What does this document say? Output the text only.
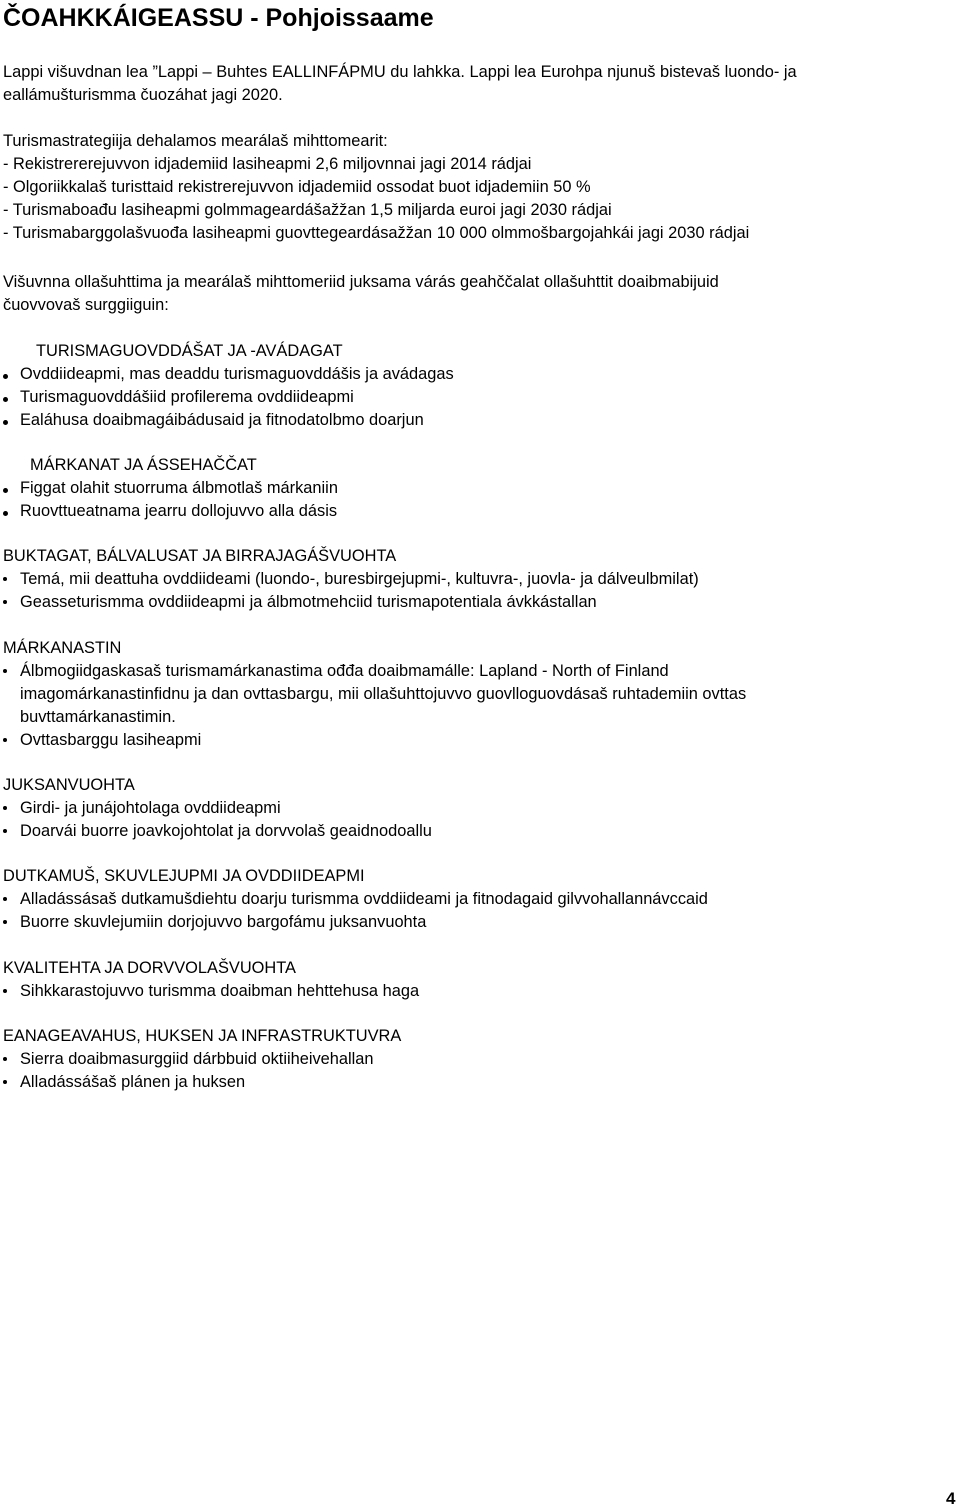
ČOAHKKÁIGEASSU - Pohjoissaame

Lappi višuvdnan lea ”Lappi – Buhtes EALLINFÁPMU du lahkka. Lappi lea Eurohpa njunuš bistevaš luondo- ja
eallámušturismma čuozáhat jagi 2020.

Turismastrategiija dehalamos mearálaš mihttomearit:
- Rekistrererejuvvon idjademiid lasiheapmi 2,6 miljovnnai jagi 2014 rádjai
- Olgoriikkalaš turisttaid rekistrerejuvvon idjademiid ossodat buot idjademiin 50 %
- Turismaboađu lasiheapmi golmmageardášažžan 1,5 miljarda euroi jagi 2030 rádjai
- Turismabarggolašvuođa lasiheapmi guovttegeardásažžan 10 000 olmmošbargojahkái jagi 2030 rádjai

Višuvnna ollašuhttima ja mearálaš mihttomeriid juksama várás geahččalat ollašuhttit doaibmabijuid
čuovvovaš surggiiguin:

TURISMAGUOVDDÁŠAT JA -AVÁDAGAT
Ovddiideapmi, mas deaddu turismaguovddášis ja avádagas
Turismaguovddášiid profilerema ovddiideapmi
Ealáhusa doaibmagáibádusaid ja fitnodatolbmo doarjun
MÁRKANAT JA ÁSSEHAČČAT
Figgat olahit stuorruma álbmotlaš márkaniin
Ruovttueatnama jearru dollojuvvo alla dásis
BUKTAGAT, BÁLVALUSAT JA BIRRAJAGÁŠVUOHTA
Temá, mii deattuha ovddiideami (luondo-, buresbirgejupmi-, kultuvra-, juovla- ja dálveulbmilat)
Geasseturismma ovddiideapmi ja álbmotmehciid turismapotentiala ávkkástallan
MÁRKANASTIN
Álbmogiidgaskasaš turismamárkanastima ođđa doaibmamálle: Lapland - North of Finland
imagomárkanastinfidnu ja dan ovttasbargu, mii ollašuhttojuvvo guovlloguovdásaš ruhtademiin ovttas
buvttamárkanastimin.
Ovttasbarggu lasiheapmi
JUKSANVUOHTA
Girdi- ja junájohtolaga ovddiideapmi
Doarvái buorre joavkojohtolat ja dorvvolaš geaidnodoallu
DUTKAMUŠ, SKUVLEJUPMI JA OVDDIIDEAPMI
Alladássásaš dutkamušdiehtu doarju turismma ovddiideami ja fitnodagaid gilvvohallannávccaid
Buorre skuvlejumiin dorjojuvvo bargofámu juksanvuohta
KVALITEHTA JA DORVVOLAŠVUOHTA
Sihkkarastojuvvo turismma doaibman hehttehusa haga
EANAGEAVAHUS, HUKSEN JA INFRASTRUKTUVRA
Sierra doaibmasurggiid dárbbuid oktiiheivehallan
Alladássášaš plánen ja huksen
4
